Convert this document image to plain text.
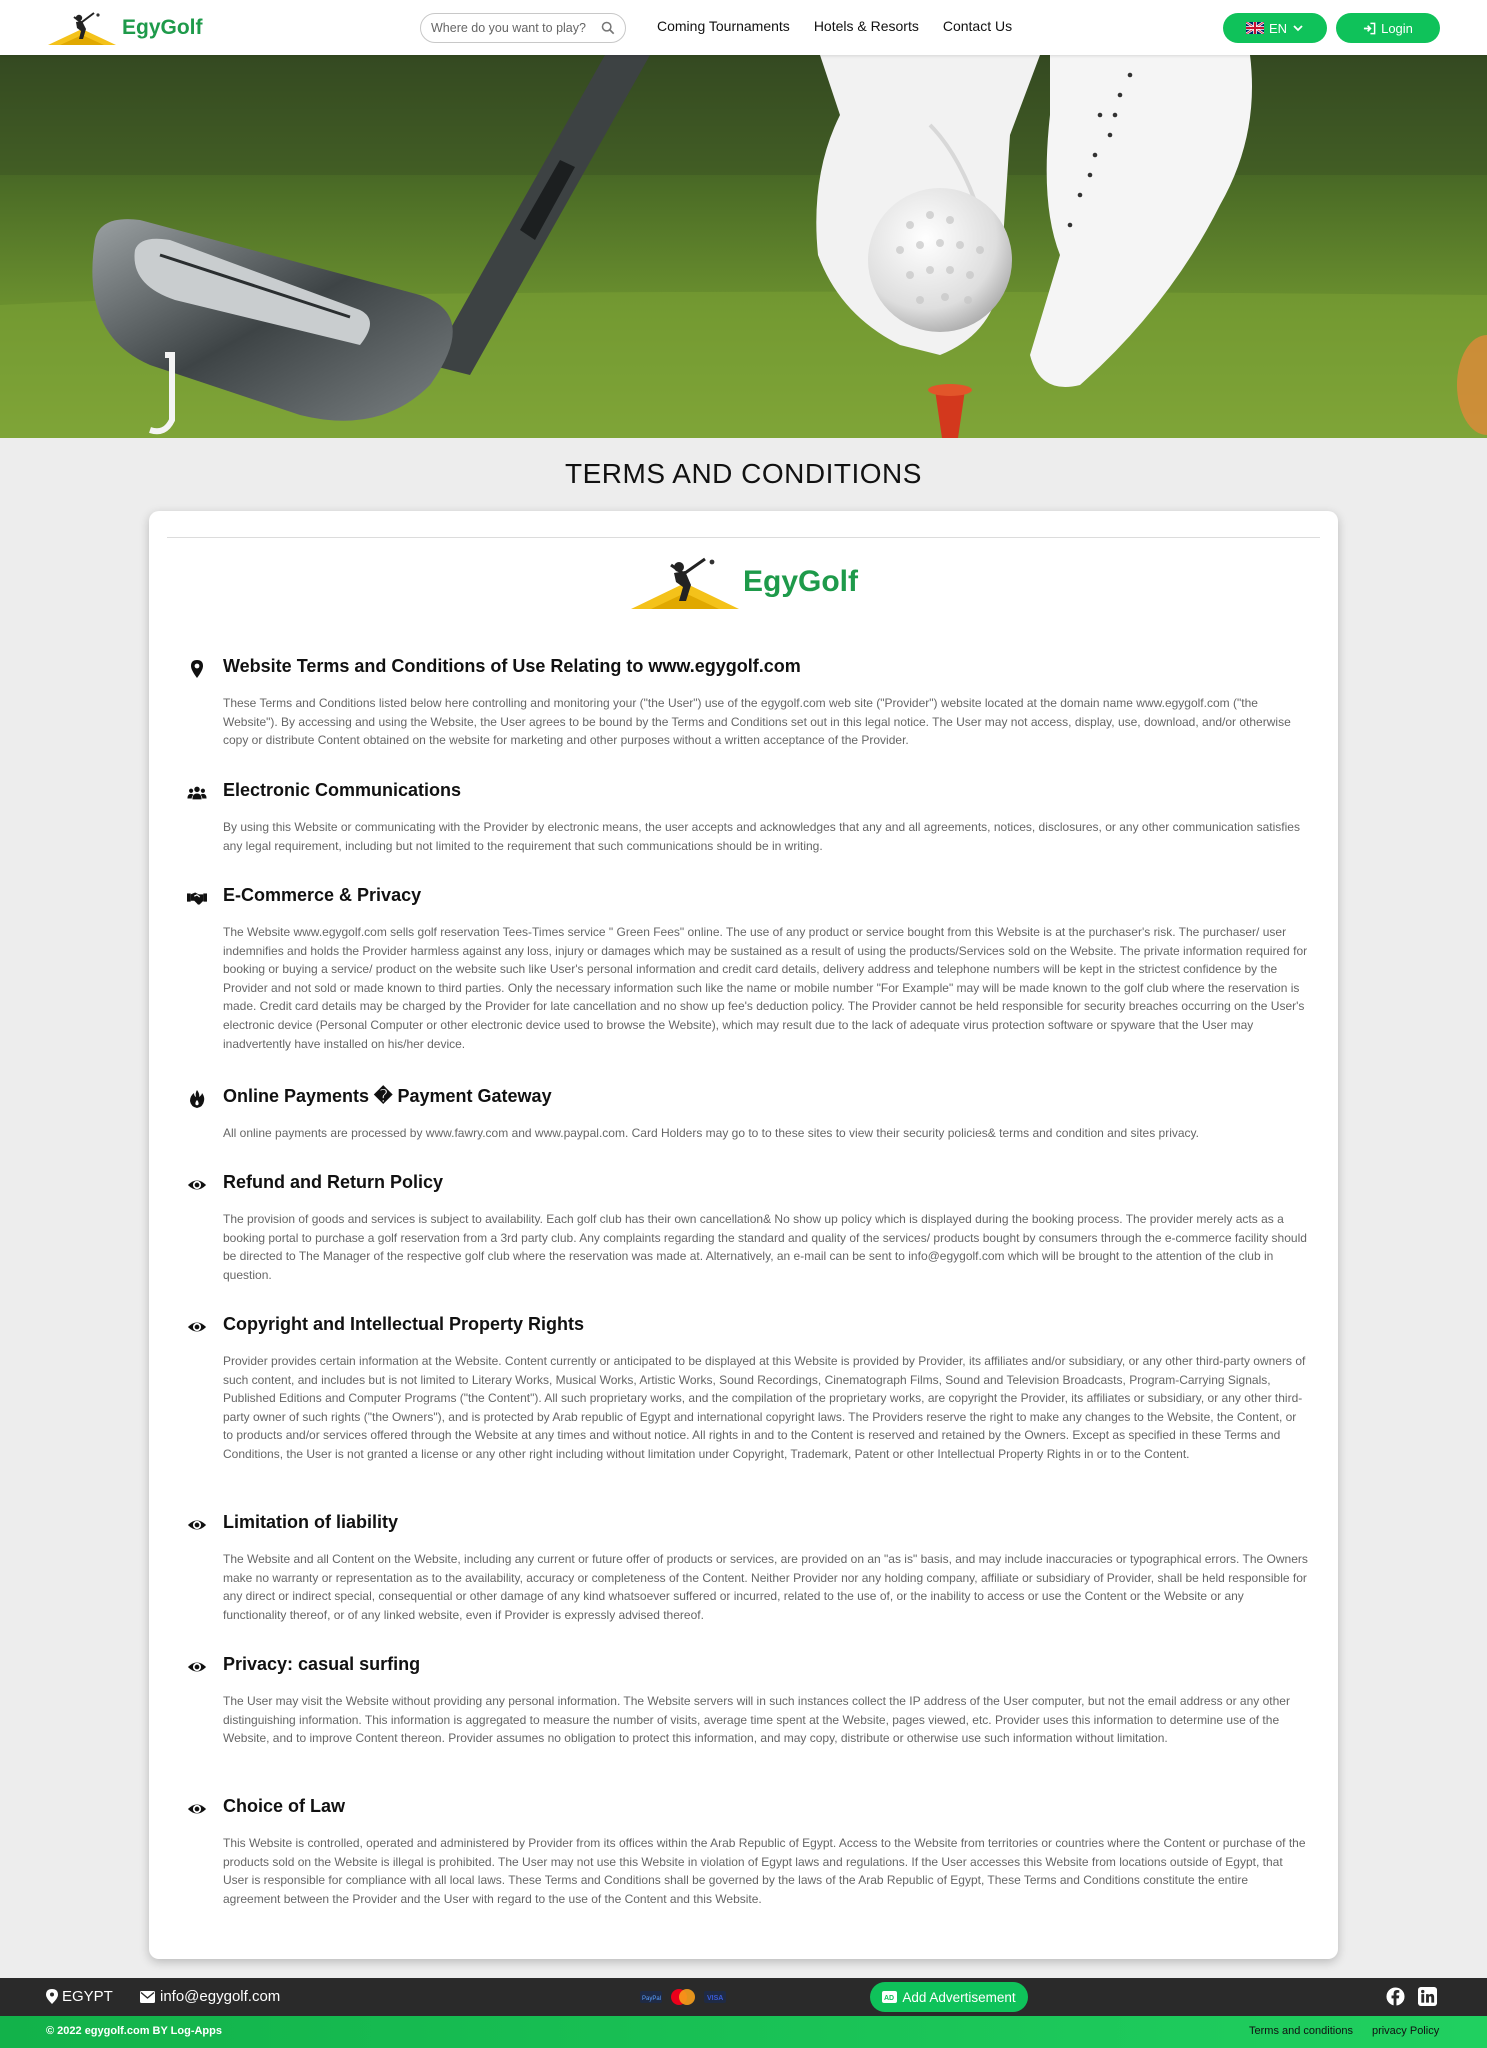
EgyGolf
Where do you want to play?	Coming Tournaments Hotels & Resorts Contact Us	EN	Login
TERMS AND CONDITIONS
EgyGolf
Website Terms and Conditions of Use Relating to www.egygolf.com

These Terms and Conditions listed below here controlling and monitoring your ("the User") use of the egygolf.com web site ("Provider") website located at the domain name www.egygolf.com ("the Website"). By accessing and using the Website, the User agrees to be bound by the Terms and Conditions set out in this legal notice. The User may not access, display, use, download, and/or otherwise copy or distribute Content obtained on the website for marketing and other purposes without a written acceptance of the Provider.

Electronic Communications

By using this Website or communicating with the Provider by electronic means, the user accepts and acknowledges that any and all agreements, notices, disclosures, or any other communication satisfies any legal requirement, including but not limited to the requirement that such communications should be in writing.

E-Commerce & Privacy

The Website www.egygolf.com sells golf reservation Tees-Times service " Green Fees" online. The use of any product or service bought from this Website is at the purchaser's risk. The purchaser/ user indemnifies and holds the Provider harmless against any loss, injury or damages which may be sustained as a result of using the products/Services sold on the Website. The private information required for booking or buying a service/ product on the website such like User's personal information and credit card details, delivery address and telephone numbers will be kept in the strictest confidence by the Provider and not sold or made known to third parties. Only the necessary information such like the name or mobile number "For Example" may will be made known to the golf club where the reservation is made. Credit card details may be charged by the Provider for late cancellation and no show up fee's deduction policy. The Provider cannot be held responsible for security breaches occurring on the User's electronic device (Personal Computer or other electronic device used to browse the Website), which may result due to the lack of adequate virus protection software or spyware that the User may inadvertently have installed on his/her device.

Online Payments � Payment Gateway

All online payments are processed by www.fawry.com and www.paypal.com. Card Holders may go to to these sites to view their security policies& terms and condition and sites privacy.

Refund and Return Policy

The provision of goods and services is subject to availability. Each golf club has their own cancellation& No show up policy which is displayed during the booking process. The provider merely acts as a booking portal to purchase a golf reservation from a 3rd party club. Any complaints regarding the standard and quality of the services/ products bought by consumers through the e-commerce facility should be directed to The Manager of the respective golf club where the reservation was made at. Alternatively, an e-mail can be sent to info@egygolf.com which will be brought to the attention of the club in question.

Copyright and Intellectual Property Rights

Provider provides certain information at the Website. Content currently or anticipated to be displayed at this Website is provided by Provider, its affiliates and/or subsidiary, or any other third-party owners of such content, and includes but is not limited to Literary Works, Musical Works, Artistic Works, Sound Recordings, Cinematograph Films, Sound and Television Broadcasts, Program-Carrying Signals, Published Editions and Computer Programs ("the Content"). All such proprietary works, and the compilation of the proprietary works, are copyright the Provider, its affiliates or subsidiary, or any other third-party owner of such rights ("the Owners"), and is protected by Arab republic of Egypt and international copyright laws. The Providers reserve the right to make any changes to the Website, the Content, or to products and/or services offered through the Website at any times and without notice. All rights in and to the Content is reserved and retained by the Owners. Except as specified in these Terms and Conditions, the User is not granted a license or any other right including without limitation under Copyright, Trademark, Patent or other Intellectual Property Rights in or to the Content.

Limitation of liability

The Website and all Content on the Website, including any current or future offer of products or services, are provided on an "as is" basis, and may include inaccuracies or typographical errors. The Owners make no warranty or representation as to the availability, accuracy or completeness of the Content. Neither Provider nor any holding company, affiliate or subsidiary of Provider, shall be held responsible for any direct or indirect special, consequential or other damage of any kind whatsoever suffered or incurred, related to the use of, or the inability to access or use the Content or the Website or any functionality thereof, or of any linked website, even if Provider is expressly advised thereof.

Privacy: casual surfing

The User may visit the Website without providing any personal information. The Website servers will in such instances collect the IP address of the User computer, but not the email address or any other distinguishing information. This information is aggregated to measure the number of visits, average time spent at the Website, pages viewed, etc. Provider uses this information to determine use of the Website, and to improve Content thereon. Provider assumes no obligation to protect this information, and may copy, distribute or otherwise use such information without limitation.

Choice of Law

This Website is controlled, operated and administered by Provider from its offices within the Arab Republic of Egypt. Access to the Website from territories or countries where the Content or purchase of the products sold on the Website is illegal is prohibited. The User may not use this Website in violation of Egypt laws and regulations. If the User accesses this Website from locations outside of Egypt, that User is responsible for compliance with all local laws. These Terms and Conditions shall be governed by the laws of the Arab Republic of Egypt, These Terms and Conditions constitute the entire agreement between the Provider and the User with regard to the use of the Content and this Website.

EGYPT	info@egygolf.com	PayPal	VISA	AD Add Advertisement
© 2022 egygolf.com BY Log-Apps	Terms and conditions privacy Policy
